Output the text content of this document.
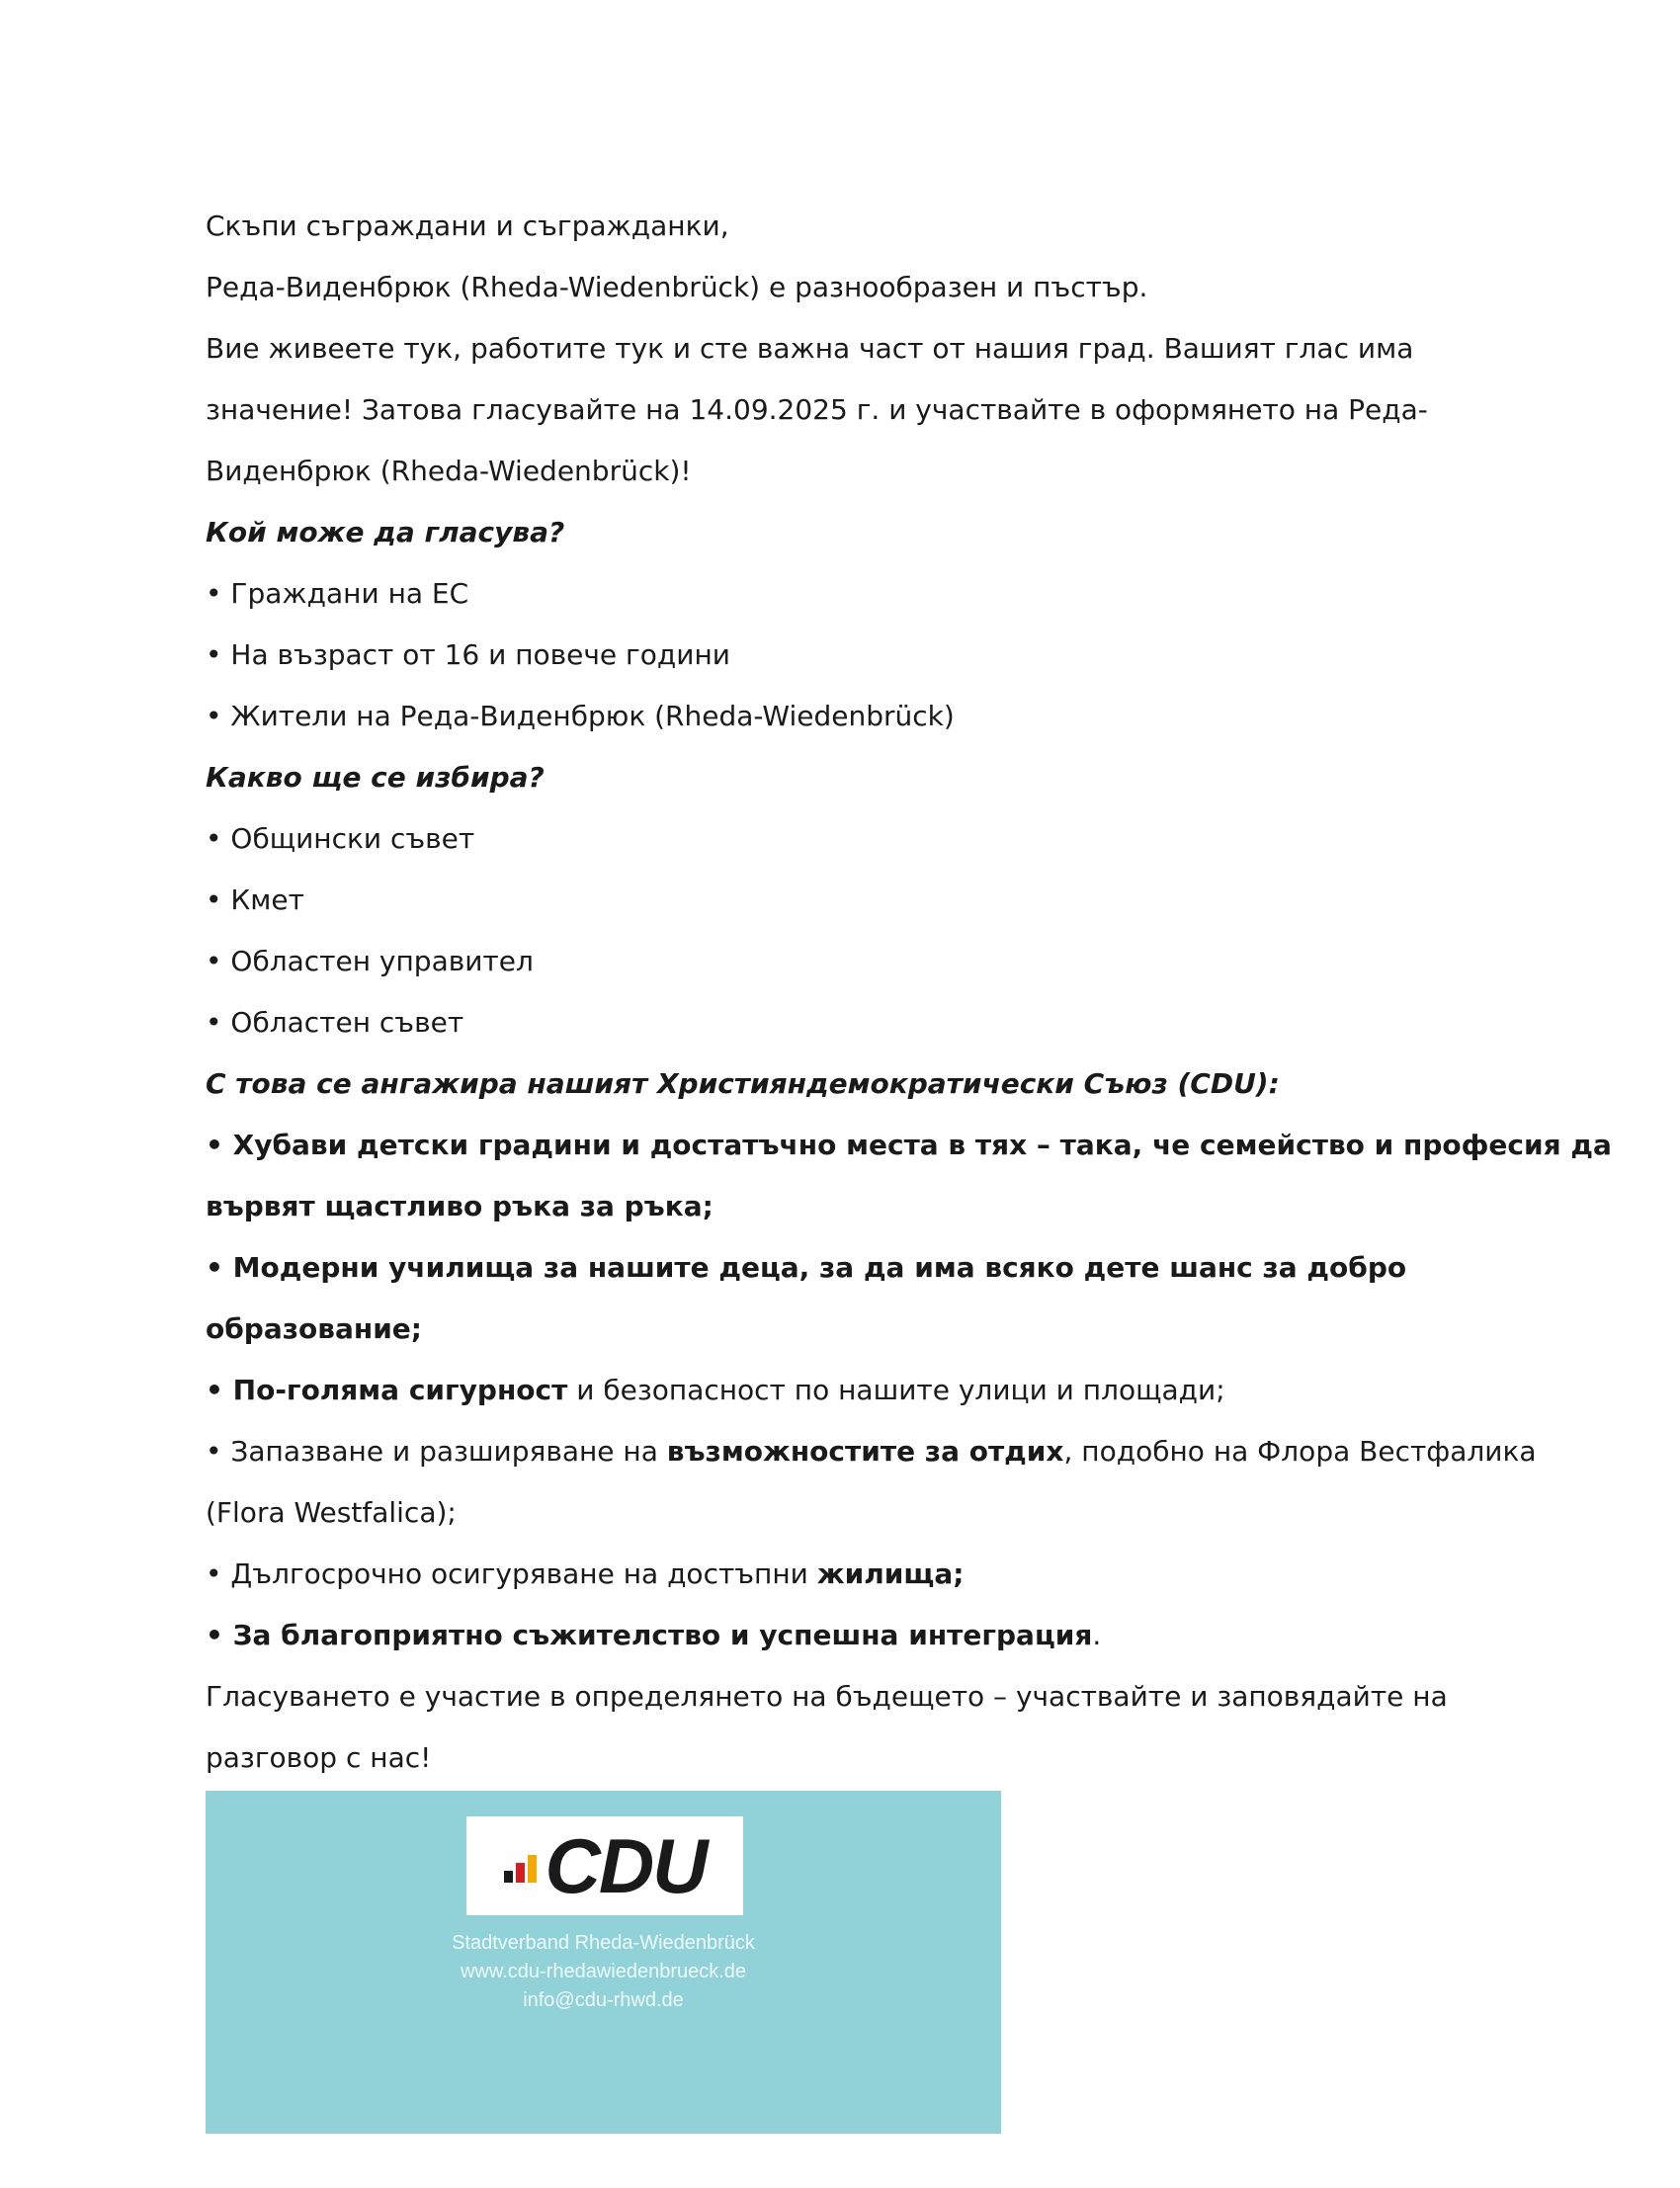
Скъпи съграждани и съгражданки,
Реда-Виденбрюк (Rheda-Wiedenbrück) е разнообразен и пъстър.
Вие живеете тук, работите тук и сте важна част от нашия град. Вашият глас има
значение! Затова гласувайте на 14.09.2025 г. и участвайте в оформянето на Реда-
Виденбрюк (Rheda-Wiedenbrück)!
Кой може да гласува?
• Граждани на ЕС
• На възраст от 16 и повече години
• Жители на Реда-Виденбрюк (Rheda-Wiedenbrück)
Какво ще се избира?
• Общински съвет
• Кмет
• Областен управител
• Областен съвет
С това се ангажира нашият Християндемократически Съюз (CDU):
• Хубави детски градини и достатъчно места в тях – така, че семейство и професия да
вървят щастливо ръка за ръка;
• Модерни училища за нашите деца, за да има всяко дете шанс за добро
образование;
• По-голяма сигурност и безопасност по нашите улици и площади;
• Запазване и разширяване на възможностите за отдих, подобно на Флора Вестфалика
(Flora Westfalica);
• Дългосрочно осигуряване на достъпни жилища;
• За благоприятно съжителство и успешна интеграция.
Гласуването е участие в определянето на бъдещето – участвайте и заповядайте на
разговор с нас!
CDU
Stadtverband Rheda-Wiedenbrück
www.cdu-rhedawiedenbrueck.de
info@cdu-rhwd.de
